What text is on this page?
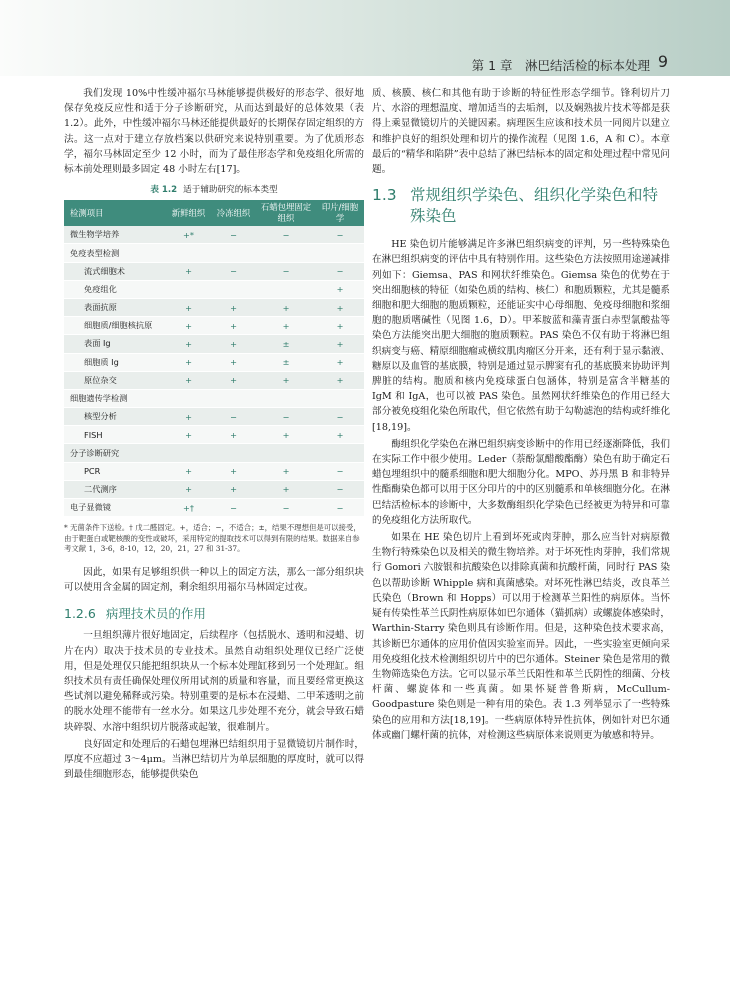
第 1 章　淋巴结活检的标本处理 9

我们发现 10%中性缓冲福尔马林能够提供极好的形态学、很好地保存免疫反应性和适于分子诊断研究，从而达到最好的总体效果（表 1.2）。此外，中性缓冲福尔马林还能提供最好的长期保存固定组织的方法。这一点对于建立存放档案以供研究来说特别重要。为了优质形态学，福尔马林固定至少 12 小时，而为了最佳形态学和免疫组化所需的标本前处理则最多固定 48 小时左右[17]。

表 1.2 适于辅助研究的标本类型
检测项目	新鲜组织	冷冻组织	石蜡包埋固定组织	印片/细胞学
微生物学培养	+*	−	−	−
免疫表型检测				
流式细胞术	+	−	−	−
免疫组化				+
表面抗原	+	+	+	+
细胞质/细胞核抗原	+	+	+	+
表面 Ig	+	+	±	+
细胞质 Ig	+	+	±	+
原位杂交	+	+	+	+
细胞遗传学检测				
核型分析	+	−	−	−
FISH	+	+	+	+
分子诊断研究				
PCR	+	+	+	−
二代测序	+	+	+	−
电子显微镜	+†	−	−	−
* 无菌条件下送检。† 戊二醛固定。+，适合；−，不适合；±，结果不理想但是可以接受，由于靶蛋白或靶核酸的变性或破坏，采用特定的提取技术可以得到有限的结果。数据来自参考文献 1，3-6，8-10，12，20，21，27 和 31-37。

因此，如果有足够组织供一种以上的固定方法，那么一部分组织块可以使用含金属的固定剂，剩余组织用福尔马林固定过夜。

1.2.6 病理技术员的作用

一旦组织薄片很好地固定，后续程序（包括脱水、透明和浸蜡、切片在内）取决于技术员的专业技术。虽然自动组织处理仪已经广泛使用，但是处理仅只能把组织块从一个标本处理缸移到另一个处理缸。组织技术员有责任确保处理仪所用试剂的质量和容量，而且要经常更换这些试剂以避免稀释或污染。特别重要的是标本在浸蜡、二甲苯透明之前的脱水处理不能带有一丝水分。如果这几步处理不充分，就会导致石蜡块碎裂、水溶中组织切片脱落或起皱，很难制片。

良好固定和处理后的石蜡包埋淋巴结组织用于显微镜切片制作时，厚度不应超过 3～4μm。当淋巴结切片为单层细胞的厚度时，就可以得到最佳细胞形态，能够提供染色

质、核膜、核仁和其他有助于诊断的特征性形态学细节。锋利切片刀片、水浴的理想温度、增加适当的去垢剂，以及娴熟拔片技术等都是获得上乘显微镜切片的关键因素。病理医生应该和技术员一同阅片以建立和维护良好的组织处理和切片的操作流程（见图 1.6，A 和 C）。本章最后的“精华和陷阱”表中总结了淋巴结标本的固定和处理过程中常见问题。

1.3 常规组织学染色、组织化学染色和特殊染色

HE 染色切片能够满足许多淋巴组织病变的评判，另一些特殊染色在淋巴组织病变的评估中具有特别作用。这些染色方法按照用途递减排列如下：Giemsa、PAS 和网状纤维染色。Giemsa 染色的优势在于突出细胞核的特征（如染色质的结构、核仁）和胞质颗粒，尤其是髓系细胞和肥大细胞的胞质颗粒，还能证实中心母细胞、免疫母细胞和浆细胞的胞质嗜碱性（见图 1.6，D）。甲苯胺蓝和藻青蛋白赤型氯酸盐等染色方法能突出肥大细胞的胞质颗粒。PAS 染色不仅有助于将淋巴组织病变与癌、精原细胞瘤或横纹肌肉瘤区分开来，还有利于显示黏液、糖原以及血管的基底膜，特别是通过显示脾窦有孔的基底膜来协助评判脾脏的结构。胞质和核内免疫球蛋白包涵体，特别是富含半糖基的 IgM 和 IgA，也可以被 PAS 染色。虽然网状纤维染色的作用已经大部分被免疫组化染色所取代，但它依然有助于勾勒滤泡的结构或纤维化[18,19]。

酶组织化学染色在淋巴组织病变诊断中的作用已经逐渐降低，我们在实际工作中很少使用。Leder（萘酚氯醋酸酯酶）染色有助于确定石蜡包埋组织中的髓系细胞和肥大细胞分化。MPO、苏丹黑 B 和非特异性酯酶染色都可以用于区分印片的中的区别髓系和单核细胞分化。在淋巴结活检标本的诊断中，大多数酶组织化学染色已经被更为特异和可靠的免疫组化方法所取代。

如果在 HE 染色切片上看到坏死或肉芽肿，那么应当针对病原微生物行特殊染色以及相关的微生物培养。对于坏死性肉芽肿，我们常规行 Gomori 六胺银和抗酸染色以排除真菌和抗酸杆菌，同时行 PAS 染色以帮助诊断 Whipple 病和真菌感染。对坏死性淋巴结炎，改良革兰氏染色（Brown 和 Hopps）可以用于检测革兰阳性的病原体。当怀疑有传染性革兰氏阴性病原体如巴尔通体（猫抓病）或螺旋体感染时，Warthin-Starry 染色则具有诊断作用。但是，这种染色技术要求高，其诊断巴尔通体的应用价值因实验室而异。因此，一些实验室更倾向采用免疫组化技术检测组织切片中的巴尔通体。Steiner 染色是常用的微生物筛选染色方法。它可以显示革兰氏阳性和革兰氏阴性的细菌、分枝杆菌、螺旋体和一些真菌。如果怀疑普鲁斯病，McCullum-Goodpasture 染色则是一种有用的染色。表 1.3 列举显示了一些特殊染色的应用和方法[18,19]。一些病原体特异性抗体，例如针对巴尔通体或幽门螺杆菌的抗体，对检测这些病原体来说则更为敏感和特异。
